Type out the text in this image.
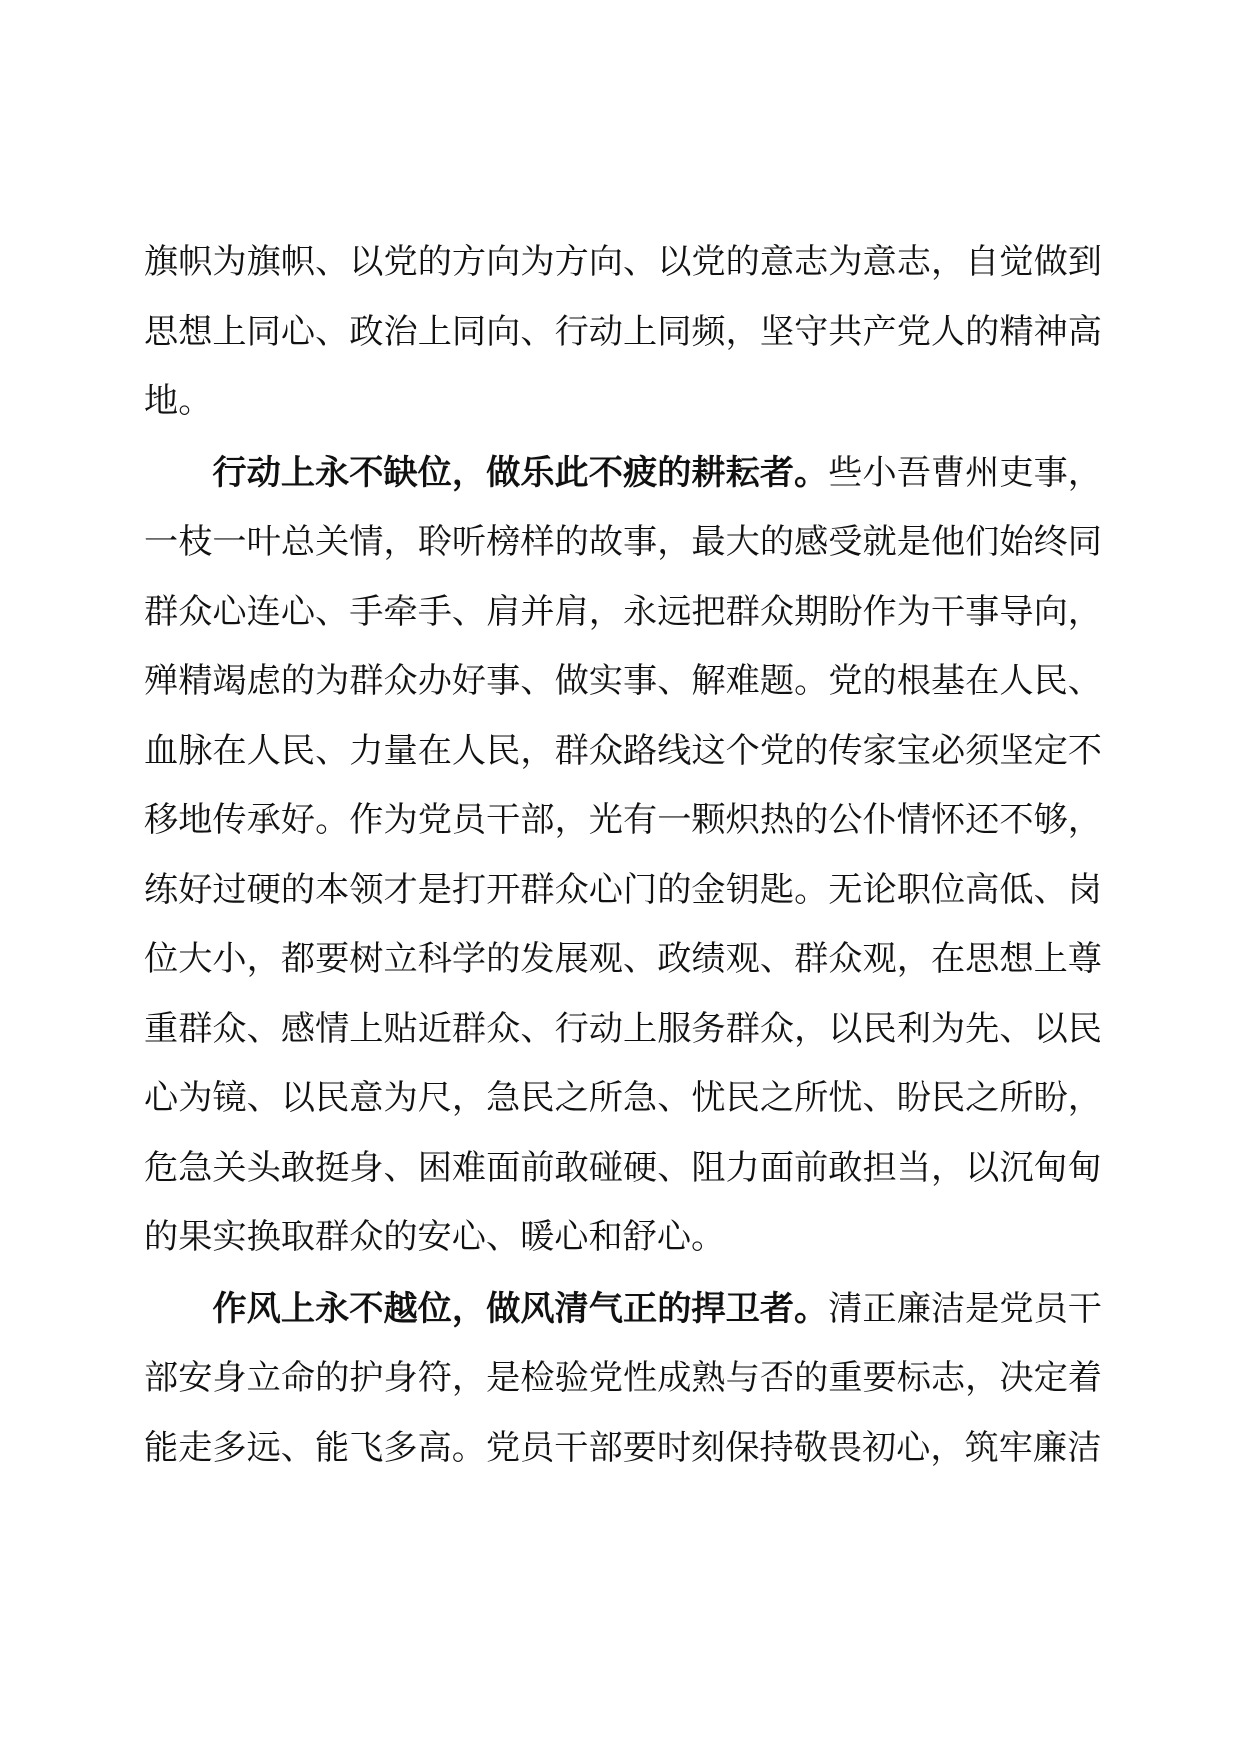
旗帜为旗帜、以党的方向为方向、以党的意志为意志，自觉做到思想上同心、政治上同向、行动上同频，坚守共产党人的精神高地。

行动上永不缺位，做乐此不疲的耕耘者。些小吾曹州吏事，一枝一叶总关情，聆听榜样的故事，最大的感受就是他们始终同群众心连心、手牵手、肩并肩，永远把群众期盼作为干事导向，殚精竭虑的为群众办好事、做实事、解难题。党的根基在人民、血脉在人民、力量在人民，群众路线这个党的传家宝必须坚定不移地传承好。作为党员干部，光有一颗炽热的公仆情怀还不够，练好过硬的本领才是打开群众心门的金钥匙。无论职位高低、岗位大小，都要树立科学的发展观、政绩观、群众观，在思想上尊重群众、感情上贴近群众、行动上服务群众，以民利为先、以民心为镜、以民意为尺，急民之所急、忧民之所忧、盼民之所盼，危急关头敢挺身、困难面前敢碰硬、阻力面前敢担当，以沉甸甸的果实换取群众的安心、暖心和舒心。

作风上永不越位，做风清气正的捍卫者。清正廉洁是党员干部安身立命的护身符，是检验党性成熟与否的重要标志，决定着能走多远、能飞多高。党员干部要时刻保持敬畏初心，筑牢廉洁
